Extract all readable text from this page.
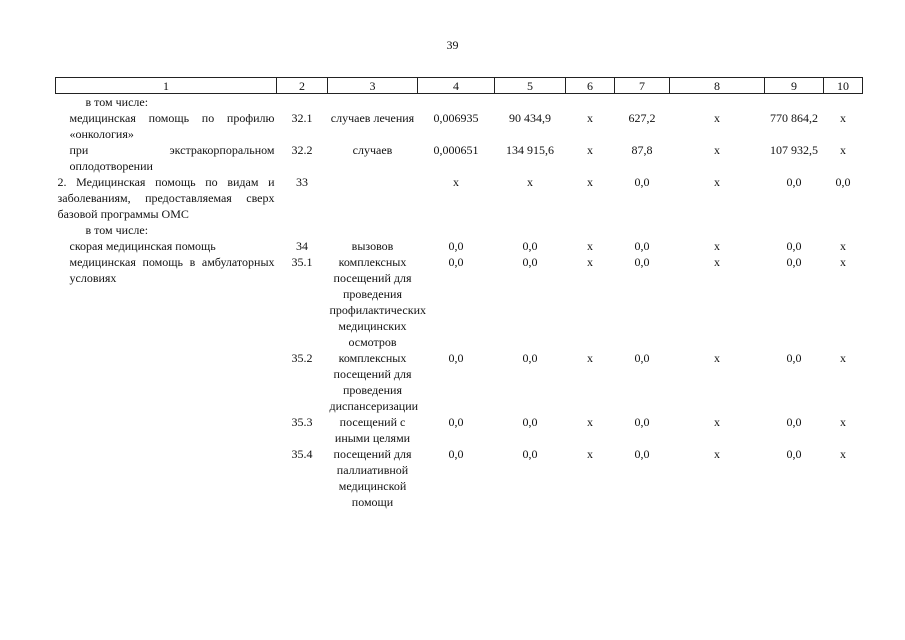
39
1	2	3	4	5	6	7	8	9	10
в том числе:									
медицинская помощь по профилю «онкология»	32.1	случаев лечения	0,006935	90 434,9	х	627,2	х	770 864,2	х
при экстракорпоральном оплодотворении	32.2	случаев	0,000651	134 915,6	х	87,8	х	107 932,5	х
2. Медицинская помощь по видам и заболеваниям, предоставляемая сверх базовой программы ОМС	33		х	х	х	0,0	х	0,0	0,0
в том числе:									
скорая медицинская помощь	34	вызовов	0,0	0,0	х	0,0	х	0,0	х
медицинская помощь в амбулаторных условиях	35.1	комплексных посещений для проведения профилактических медицинских осмотров	0,0	0,0	х	0,0	х	0,0	х
	35.2	комплексных посещений для проведения диспансеризации	0,0	0,0	х	0,0	х	0,0	х
	35.3	посещений с иными целями	0,0	0,0	х	0,0	х	0,0	х
	35.4	посещений для паллиативной медицинской помощи	0,0	0,0	х	0,0	х	0,0	х
